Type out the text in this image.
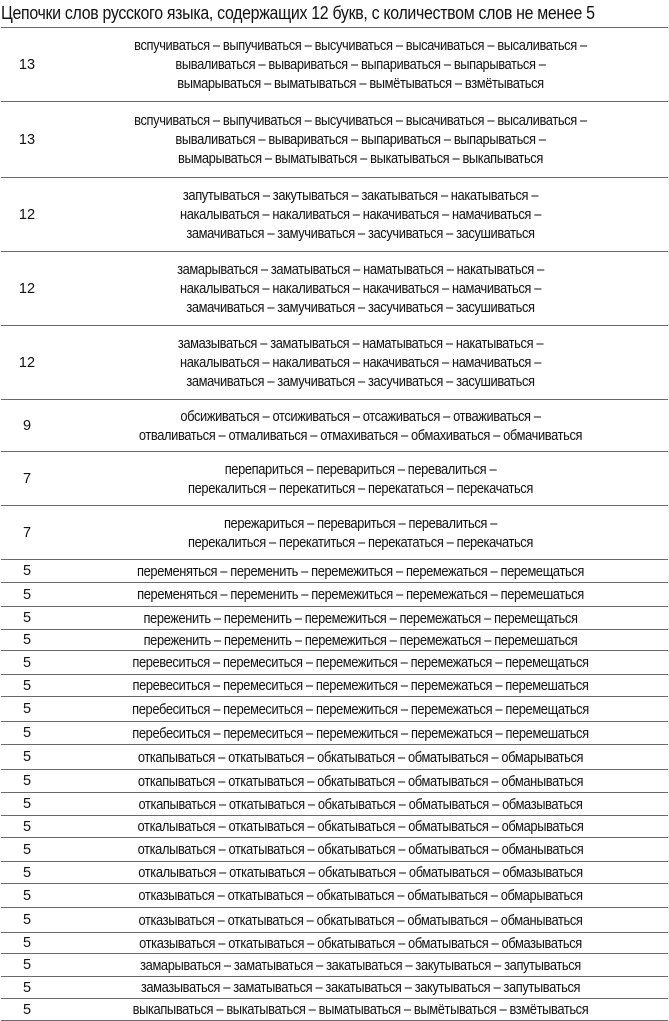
Цепочки слов русского языка, содержащих 12 букв, с количеством слов не менее 5
13	вспучиваться – выпучиваться – высучиваться – высачиваться – высаливаться –
вываливаться – вывариваться – выпариваться – выпарываться –
вымарываться – выматываться – вымётываться – взмётываться

13	вспучиваться – выпучиваться – высучиваться – высачиваться – высаливаться –
вываливаться – вывариваться – выпариваться – выпарываться –
вымарываться – выматываться – выкатываться – выкапываться

12	запутываться – закутываться – закатываться – накатываться –
накалываться – накаливаться – накачиваться – намачиваться –
замачиваться – замучиваться – засучиваться – засушиваться

12	замарываться – заматываться – наматываться – накатываться –
накалываться – накаливаться – накачиваться – намачиваться –
замачиваться – замучиваться – засучиваться – засушиваться

12	замазываться – заматываться – наматываться – накатываться –
накалываться – накаливаться – накачиваться – намачиваться –
замачиваться – замучиваться – засучиваться – засушиваться

9	обсиживаться – отсиживаться – отсаживаться – отваживаться –
отваливаться – отмаливаться – отмахиваться – обмахиваться – обмачиваться

7	перепариться – перевариться – перевалиться –
перекалиться – перекатиться – перекататься – перекачаться

7	пережариться – перевариться – перевалиться –
перекалиться – перекатиться – перекататься – перекачаться

5	переменяться – переменить – перемежиться – перемежаться – перемещаться

5	переменяться – переменить – перемежиться – перемежаться – перемешаться

5	переженить – переменить – перемежиться – перемежаться – перемещаться

5	переженить – переменить – перемежиться – перемежаться – перемешаться

5	перевеситься – перемеситься – перемежиться – перемежаться – перемещаться

5	перевеситься – перемеситься – перемежиться – перемежаться – перемешаться

5	перебеситься – перемеситься – перемежиться – перемежаться – перемещаться

5	перебеситься – перемеситься – перемежиться – перемежаться – перемешаться

5	откапываться – откатываться – обкатываться – обматываться – обмарываться

5	откапываться – откатываться – обкатываться – обматываться – обманываться

5	откапываться – откатываться – обкатываться – обматываться – обмазываться

5	откалываться – откатываться – обкатываться – обматываться – обмарываться

5	откалываться – откатываться – обкатываться – обматываться – обманываться

5	откалываться – откатываться – обкатываться – обматываться – обмазываться

5	отказываться – откатываться – обкатываться – обматываться – обмарываться

5	отказываться – откатываться – обкатываться – обматываться – обманываться

5	отказываться – откатываться – обкатываться – обматываться – обмазываться

5	замарываться – заматываться – закатываться – закутываться – запутываться

5	замазываться – заматываться – закатываться – закутываться – запутываться

5	выкапываться – выкатываться – выматываться – вымётываться – взмётываться
